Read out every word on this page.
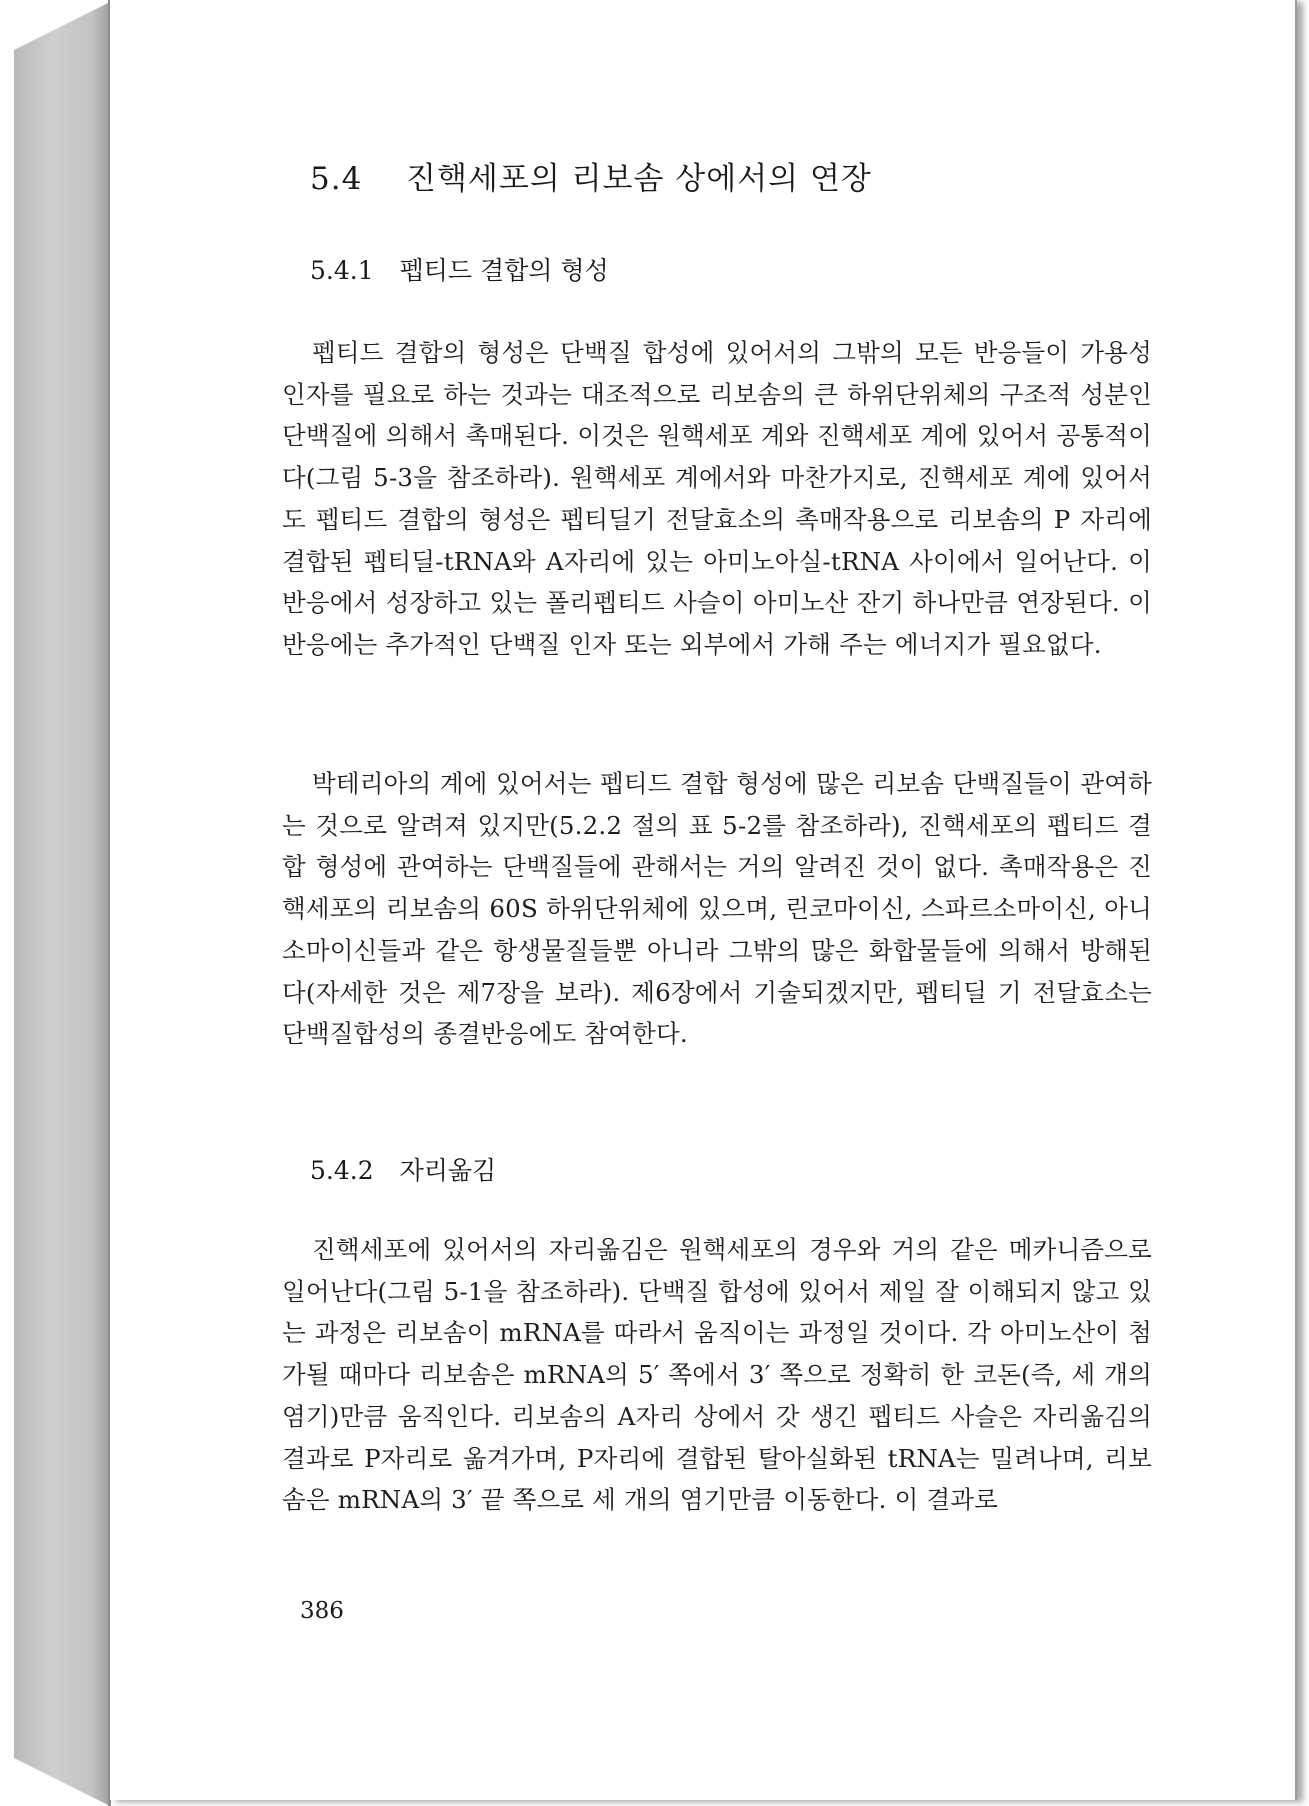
5.4 진핵세포의 리보솜 상에서의 연장
5.4.1 펩티드 결합의 형성

펩티드 결합의 형성은 단백질 합성에 있어서의 그밖의 모든 반응들이 가용성 인자를 필요로 하는 것과는 대조적으로 리보솜의 큰 하위단위체의 구조적 성분인 단백질에 의해서 촉매된다. 이것은 원핵세포 계와 진핵세포 계에 있어서 공통적이다(그림 5-3을 참조하라). 원핵세포 계에서와 마찬가지로, 진핵세포 계에 있어서도 펩티드 결합의 형성은 펩티딜기 전달효소의 촉매작용으로 리보솜의 P 자리에 결합된 펩티딜-tRNA와 A자리에 있는 아미노아실-tRNA 사이에서 일어난다. 이 반응에서 성장하고 있는 폴리펩티드 사슬이 아미노산 잔기 하나만큼 연장된다. 이 반응에는 추가적인 단백질 인자 또는 외부에서 가해 주는 에너지가 필요없다.

박테리아의 계에 있어서는 펩티드 결합 형성에 많은 리보솜 단백질들이 관여하는 것으로 알려져 있지만(5.2.2 절의 표 5-2를 참조하라), 진핵세포의 펩티드 결합 형성에 관여하는 단백질들에 관해서는 거의 알려진 것이 없다. 촉매작용은 진핵세포의 리보솜의 60S 하위단위체에 있으며, 린코마이신, 스파르소마이신, 아니소마이신들과 같은 항생물질들뿐 아니라 그밖의 많은 화합물들에 의해서 방해된다(자세한 것은 제7장을 보라). 제6장에서 기술되겠지만, 펩티딜 기 전달효소는 단백질합성의 종결반응에도 참여한다.

5.4.2 자리옮김

진핵세포에 있어서의 자리옮김은 원핵세포의 경우와 거의 같은 메카니즘으로 일어난다(그림 5-1을 참조하라). 단백질 합성에 있어서 제일 잘 이해되지 않고 있는 과정은 리보솜이 mRNA를 따라서 움직이는 과정일 것이다. 각 아미노산이 첨가될 때마다 리보솜은 mRNA의 5′ 쪽에서 3′ 쪽으로 정확히 한 코돈(즉, 세 개의 염기)만큼 움직인다. 리보솜의 A자리 상에서 갓 생긴 펩티드 사슬은 자리옮김의 결과로 P자리로 옮겨가며, P자리에 결합된 탈아실화된 tRNA는 밀려나며, 리보솜은 mRNA의 3′ 끝 쪽으로 세 개의 염기만큼 이동한다. 이 결과로

386
